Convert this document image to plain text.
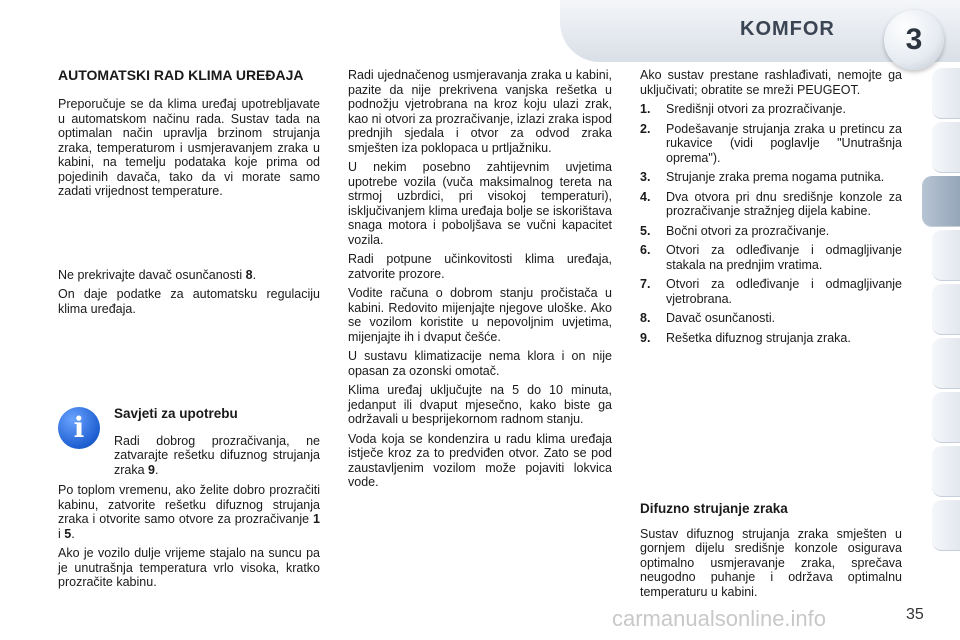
KOMFOR	3
AUTOMATSKI RAD KLIMA UREĐAJA

Preporučuje se da klima uređaj upotrebljavate u automatskom načinu rada. Sustav tada na optimalan način upravlja brzinom strujanja zraka, temperaturom i usmjeravanjem zraka u kabini, na temelju podataka koje prima od pojedinih davača, tako da vi morate samo zadati vrijednost temperature.

Ne prekrivajte davač osunčanosti 8.

On daje podatke za automatsku regulaciju klima uređaja.

i	Savjeti za upotrebu

Radi dobrog prozračivanja, ne zatvarajte rešetku difuznog strujanja zraka 9.

Po toplom vremenu, ako želite dobro prozračiti kabinu, zatvorite rešetku difuznog strujanja zraka i otvorite samo otvore za prozračivanje 1 i 5.

Ako je vozilo dulje vrijeme stajalo na suncu pa je unutrašnja temperatura vrlo visoka, kratko prozračite kabinu.

Radi ujednačenog usmjeravanja zraka u kabini, pazite da nije prekrivena vanjska rešetka u podnožju vjetrobrana na kroz koju ulazi zrak, kao ni otvori za prozračivanje, izlazi zraka ispod prednjih sjedala i otvor za odvod zraka smješten iza poklopaca u prtljažniku.

U nekim posebno zahtijevnim uvjetima upotrebe vozila (vuča maksimalnog tereta na strmoj uzbrdici, pri visokoj temperaturi), isključivanjem klima uređaja bolje se iskorištava snaga motora i poboljšava se vučni kapacitet vozila.

Radi potpune učinkovitosti klima uređaja, zatvorite prozore.

Vodite računa o dobrom stanju pročistača u kabini. Redovito mijenjajte njegove uloške. Ako se vozilom koristite u nepovoljnim uvjetima, mijenjajte ih i dvaput češće.

U sustavu klimatizacije nema klora i on nije opasan za ozonski omotač.

Klima uređaj uključujte na 5 do 10 minuta, jedanput ili dvaput mjesečno, kako biste ga održavali u besprijekornom radnom stanju.

Voda koja se kondenzira u radu klima uređaja istječe kroz za to predviđen otvor. Zato se pod zaustavljenim vozilom može pojaviti lokvica vode.

Ako sustav prestane rashlađivati, nemojte ga uključivati; obratite se mreži PEUGEOT.

1. Središnji otvori za prozračivanje.
2. Podešavanje strujanja zraka u pretincu za rukavice (vidi poglavlje "Unutrašnja oprema").
3. Strujanje zraka prema nogama putnika.
4. Dva otvora pri dnu središnje konzole za prozračivanje stražnjeg dijela kabine.
5. Bočni otvori za prozračivanje.
6. Otvori za odleđivanje i odmagljivanje stakala na prednjim vratima.
7. Otvori za odleđivanje i odmagljivanje vjetrobrana.
8. Davač osunčanosti.
9. Rešetka difuznog strujanja zraka.
Difuzno strujanje zraka

Sustav difuznog strujanja zraka smješten u gornjem dijelu središnje konzole osigurava optimalno usmjeravanje zraka, sprečava neugodno puhanje i održava optimalnu temperaturu u kabini.

carmanualsonline.info	35
